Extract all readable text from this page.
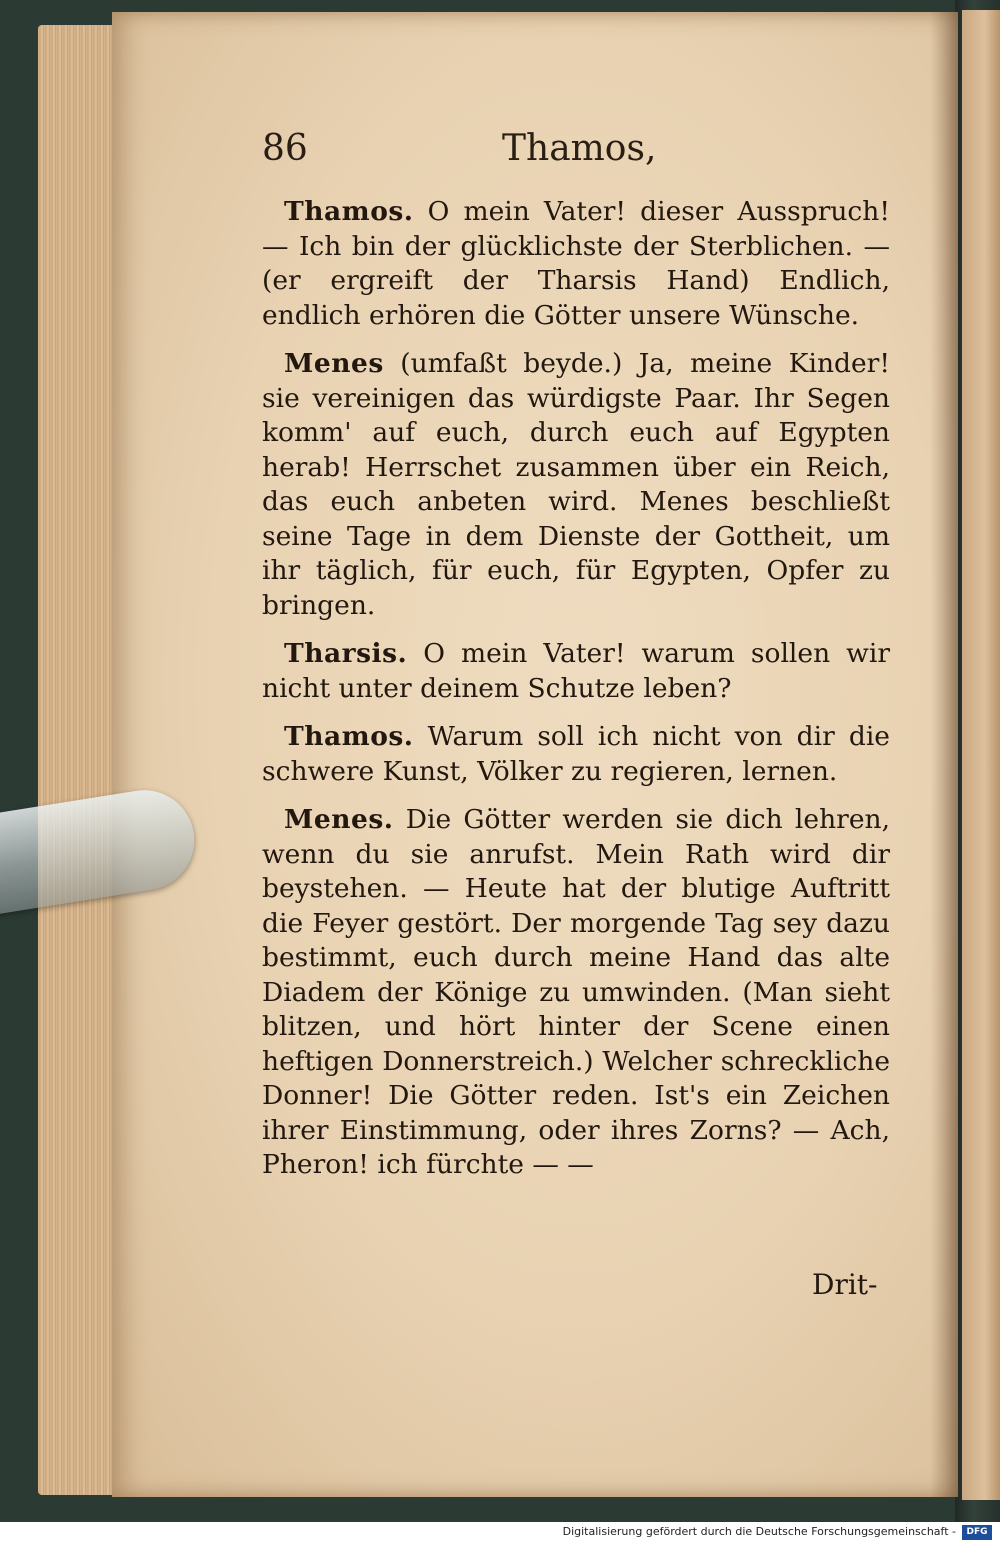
86	Thamos,

Thamos. O mein Vater! dieser Ausspruch! — Ich bin der glücklichste der Sterblichen. — (er ergreift der Tharsis Hand) Endlich, endlich erhören die Götter unsere Wünsche.

Menes (umfaßt beyde.) Ja, meine Kinder! sie vereinigen das würdigste Paar. Ihr Segen komm' auf euch, durch euch auf Egypten herab! Herrschet zusammen über ein Reich, das euch anbeten wird. Menes beschließt seine Tage in dem Dienste der Gottheit, um ihr täglich, für euch, für Egypten, Opfer zu bringen.

Tharsis. O mein Vater! warum sollen wir nicht unter deinem Schutze leben?

Thamos. Warum soll ich nicht von dir die schwere Kunst, Völker zu regieren, lernen.

Menes. Die Götter werden sie dich lehren, wenn du sie anrufst. Mein Rath wird dir beystehen. — Heute hat der blutige Auftritt die Feyer gestört. Der morgende Tag sey dazu bestimmt, euch durch meine Hand das alte Diadem der Könige zu umwinden. (Man sieht blitzen, und hört hinter der Scene einen heftigen Donnerstreich.) Welcher schreckliche Donner! Die Götter reden. Ist's ein Zeichen ihrer Einstimmung, oder ihres Zorns? — Ach, Pheron! ich fürchte — —

Drit-
Digitalisierung gefördert durch die Deutsche Forschungsgemeinschaft -	DFG
